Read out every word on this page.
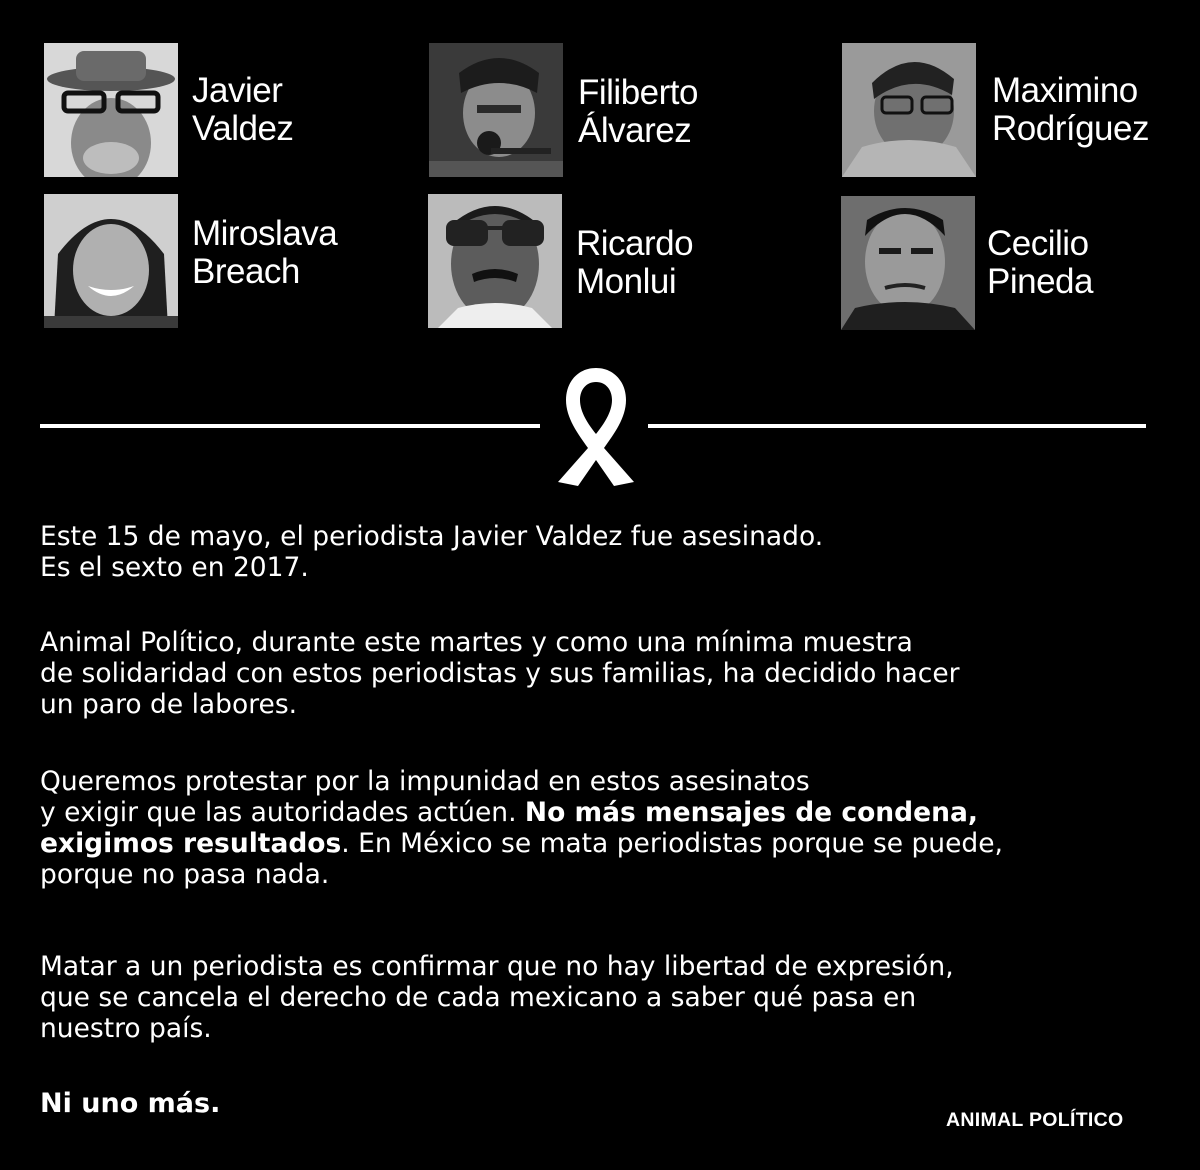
Javier
Valdez
Filiberto
Álvarez
Maximino
Rodríguez
Miroslava
Breach
Ricardo
Monlui
Cecilio
Pineda
Este 15 de mayo, el periodista Javier Valdez fue asesinado.
Es el sexto en 2017.
Animal Político, durante este martes y como una mínima muestra
de solidaridad con estos periodistas y sus familias, ha decidido hacer
un paro de labores.
Queremos protestar por la impunidad en estos asesinatos
y exigir que las autoridades actúen. No más mensajes de condena,
exigimos resultados. En México se mata periodistas porque se puede,
porque no pasa nada.
Matar a un periodista es confirmar que no hay libertad de expresión,
que se cancela el derecho de cada mexicano a saber qué pasa en
nuestro país.
Ni uno más.
ANIMAL POLÍTICO
